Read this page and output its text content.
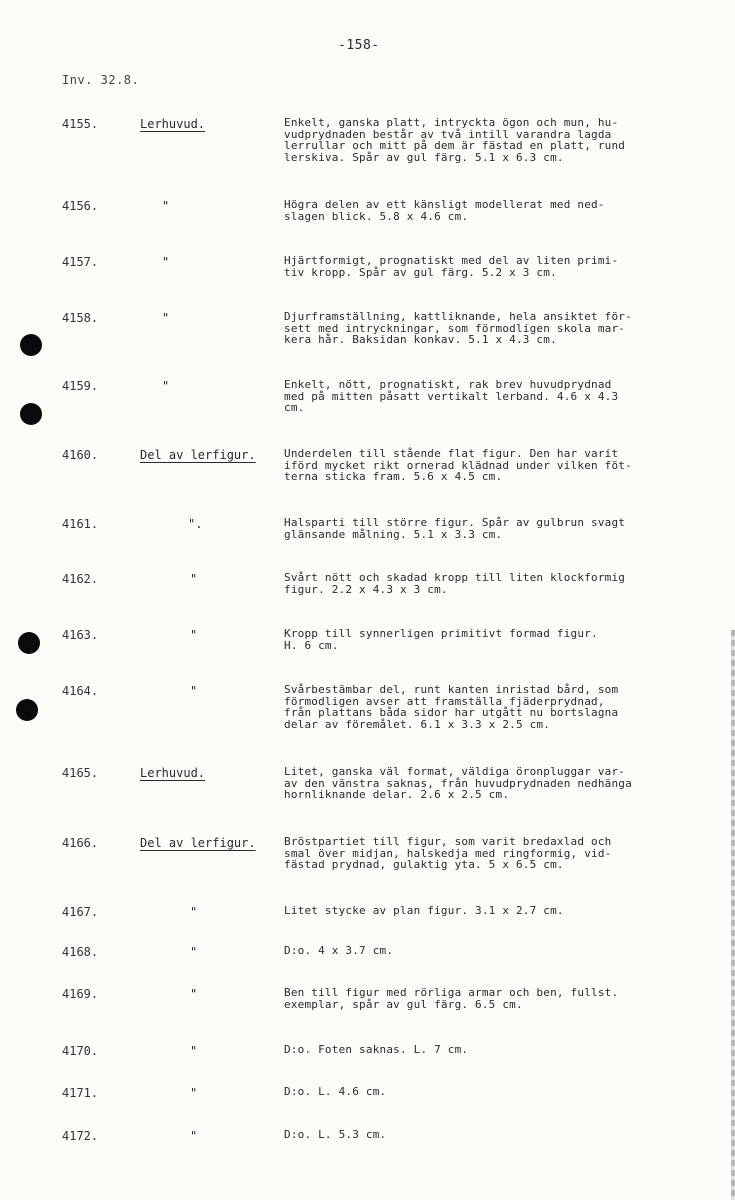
-158-
Inv. 32.8.
4155.	Lerhuvud.	Enkelt, ganska platt, intryckta ögon och mun, hu-
vudprydnaden består av två intill varandra lagda
lerrullar och mitt på dem är fästad en platt, rund
lerskiva. Spår av gul färg. 5.1 x 6.3 cm.
4156.	"	Högra delen av ett känsligt modellerat med ned-
slagen blick. 5.8 x 4.6 cm.
4157.	"	Hjärtformigt, prognatiskt med del av liten primi-
tiv kropp. Spår av gul färg. 5.2 x 3 cm.
4158.	"	Djurframställning, kattliknande, hela ansiktet för-
sett med intryckningar, som förmodligen skola mar-
kera hår. Baksidan konkav. 5.1 x 4.3 cm.
4159.	"	Enkelt, nött, prognatiskt, rak brev huvudprydnad
med på mitten påsatt vertikalt lerband. 4.6 x 4.3
cm.
4160.	Del av lerfigur.	Underdelen till stående flat figur. Den har varit
iförd mycket rikt ornerad klädnad under vilken föt-
terna sticka fram. 5.6 x 4.5 cm.
4161.	".	Halsparti till större figur. Spår av gulbrun svagt
glänsande målning. 5.1 x 3.3 cm.
4162.	"	Svårt nött och skadad kropp till liten klockformig
figur. 2.2 x 4.3 x 3 cm.
4163.	"	Kropp till synnerligen primitivt formad figur.
H. 6 cm.
4164.	"	Svårbestämbar del, runt kanten inristad bård, som
förmodligen avser att framställa fjäderprydnad,
från plattans båda sidor har utgått nu bortslagna
delar av föremålet. 6.1 x 3.3 x 2.5 cm.
4165.	Lerhuvud.	Litet, ganska väl format, väldiga öronpluggar var-
av den vänstra saknas, från huvudprydnaden nedhänga
hornliknande delar. 2.6 x 2.5 cm.
4166.	Del av lerfigur.	Bröstpartiet till figur, som varit bredaxlad och
smal över midjan, halskedja med ringformig, vid-
fästad prydnad, gulaktig yta. 5 x 6.5 cm.
4167.	"	Litet stycke av plan figur. 3.1 x 2.7 cm.
4168.	"	D:o. 4 x 3.7 cm.
4169.	"	Ben till figur med rörliga armar och ben, fullst.
exemplar, spår av gul färg. 6.5 cm.
4170.	"	D:o. Foten saknas. L. 7 cm.
4171.	"	D:o. L. 4.6 cm.
4172.	"	D:o. L. 5.3 cm.
